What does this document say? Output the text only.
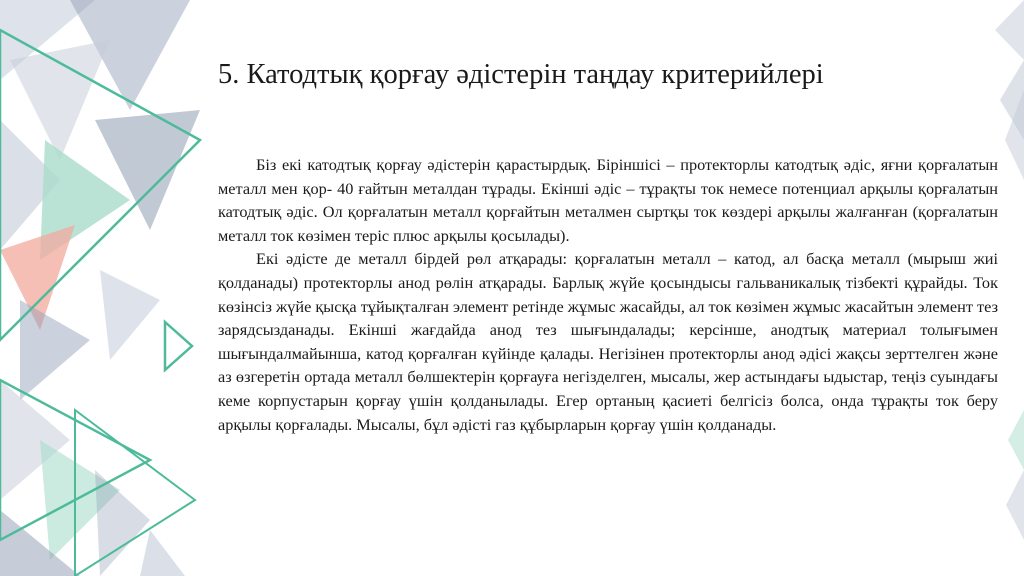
5. Катодтық қорғау әдістерін таңдау критерийлері

Біз екі катодтық қорғау әдістерін қарастырдық. Біріншісі – протекторлы катодтық әдіс, яғни қорғалатын металл мен қор- 40 ғайтын металдан тұрады. Екінші әдіс – тұрақты ток немесе потенциал арқылы қорғалатын катодтық әдіс. Ол қорғалатын металл қорғайтын металмен сыртқы ток көздері арқылы жалғанған (қорғалатын металл ток көзімен теріс плюс арқылы қосылады).

Екі әдісте де металл бірдей рөл атқарады: қорғалатын металл – катод, ал басқа металл (мырыш жиі қолданады) протекторлы анод рөлін атқарады. Барлық жүйе қосындысы гальваникалық тізбекті құрайды. Ток көзінсіз жүйе қысқа тұйықталған элемент ретінде жұмыс жасайды, ал ток көзімен жұмыс жасайтын элемент тез зарядсызданады. Екінші жағдайда анод тез шығындалады; керсінше, анодтық материал толығымен шығындалмайынша, катод қорғалған күйінде қалады. Негізінен протекторлы анод әдісі жақсы зерттелген және аз өзгеретін ортада металл бөлшектерін қорғауға негізделген, мысалы, жер астындағы ыдыстар, теңіз суындағы кеме корпустарын қорғау үшін қолданылады. Егер ортаның қасиеті белгісіз болса, онда тұрақты ток беру арқылы қорғалады. Мысалы, бұл әдісті газ құбырларын қорғау үшін қолданады.
